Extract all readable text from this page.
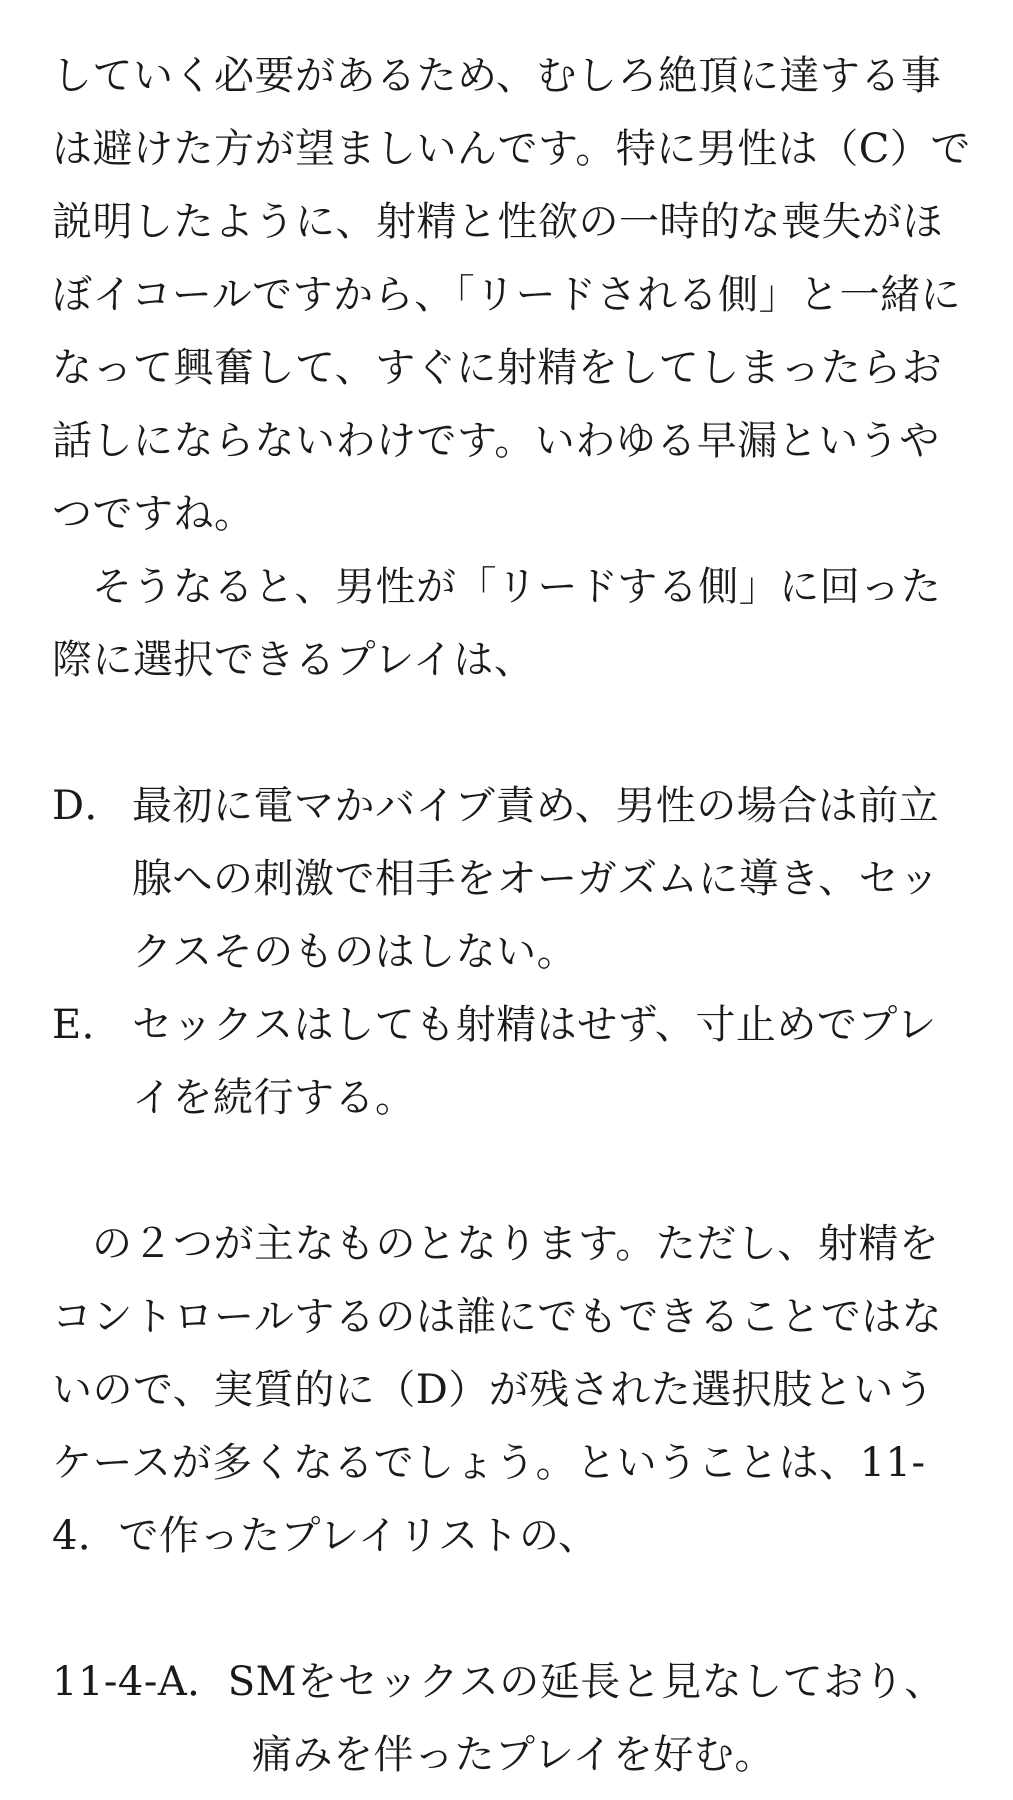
していく必要があるため、むしろ絶頂に達する事は避けた方が望ましいんです。特に男性は（C）で説明したように、射精と性欲の一時的な喪失がほぼイコールですから、「リードされる側」と一緒になって興奮して、すぐに射精をしてしまったらお話しにならないわけです。いわゆる早漏というやつですね。

そうなると、男性が「リードする側」に回った際に選択できるプレイは、

D． 最初に電マかバイブ責め、男性の場合は前立腺への刺激で相手をオーガズムに導き、セックスそのものはしない。
E． セックスはしても射精はせず、寸止めでプレイを続行する。

の２つが主なものとなります。ただし、射精をコントロールするのは誰にでもできることではないので、実質的に（D）が残された選択肢というケースが多くなるでしょう。ということは、11-4．で作ったプレイリストの、

11-4-A．SMをセックスの延長と見なしており、
痛みを伴ったプレイを好む。
